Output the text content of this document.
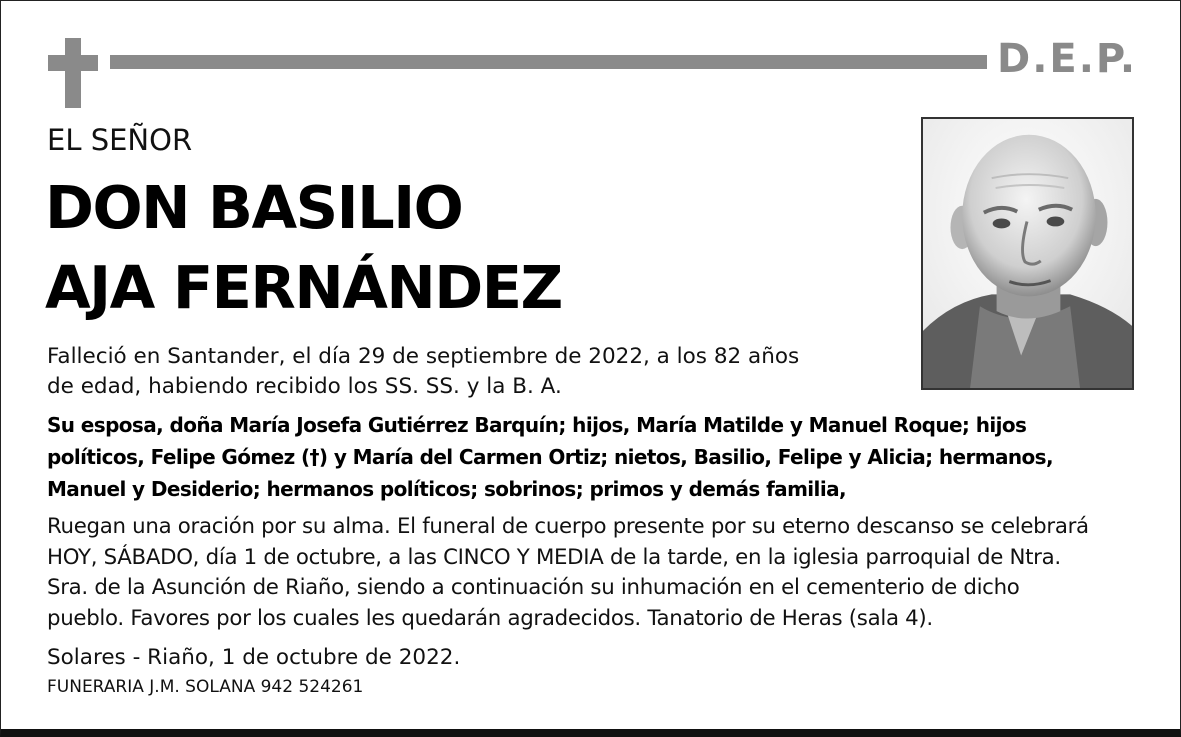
D.E.P.
EL SEÑOR
DON BASILIO
AJA FERNÁNDEZ
Falleció en Santander, el día 29 de septiembre de 2022, a los 82 años
de edad, habiendo recibido los SS. SS. y la B. A.
Su esposa, doña María Josefa Gutiérrez Barquín; hijos, María Matilde y Manuel Roque; hijos
políticos, Felipe Gómez (†) y María del Carmen Ortiz; nietos, Basilio, Felipe y Alicia; hermanos,
Manuel y Desiderio; hermanos políticos; sobrinos; primos y demás familia,
Ruegan una oración por su alma. El funeral de cuerpo presente por su eterno descanso se celebrará
HOY, SÁBADO, día 1 de octubre, a las CINCO Y MEDIA de la tarde, en la iglesia parroquial de Ntra.
Sra. de la Asunción de Riaño, siendo a continuación su inhumación en el cementerio de dicho
pueblo. Favores por los cuales les quedarán agradecidos. Tanatorio de Heras (sala 4).
Solares - Riaño, 1 de octubre de 2022.
FUNERARIA J.M. SOLANA 942 524261
